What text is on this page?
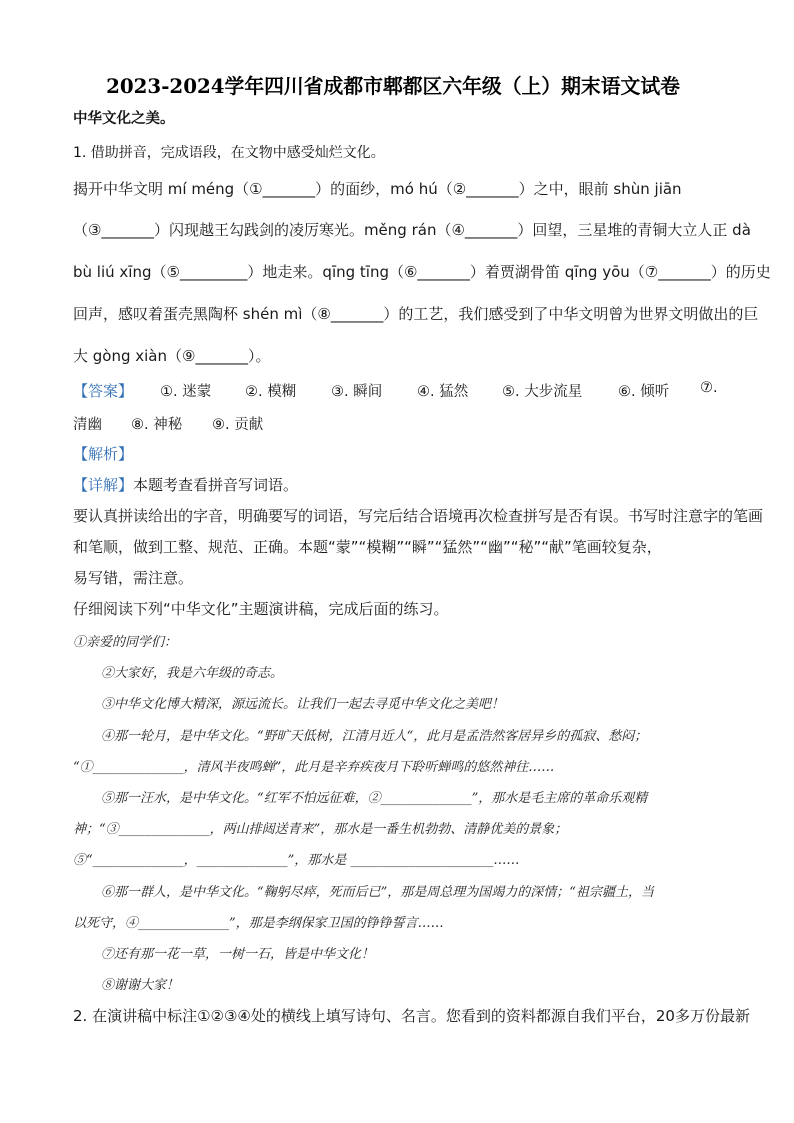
2023-2024学年四川省成都市郫都区六年级（上）期末语文试卷
中华文化之美。
1. 借助拼音，完成语段，在文物中感受灿烂文化。
揭开中华文明 mí méng（①_______）的面纱，mó hú（②_______）之中，眼前 shùn jiān
（③_______）闪现越王勾践剑的凌厉寒光。měng rán（④_______）回望，三星堆的青铜大立人正 dà
bù liú xīng（⑤_________）地走来。qīng tīng（⑥_______）着贾湖骨笛 qīng yōu（⑦_______）的历史
回声，感叹着蛋壳黑陶杯 shén mì（⑧_______）的工艺，我们感受到了中华文明曾为世界文明做出的巨
大 gòng xiàn（⑨_______）。
【答案】 ①. 迷蒙 ②. 模糊 ③. 瞬间 ④. 猛然 ⑤. 大步流星 ⑥. 倾听 ⑦.
清幽 ⑧. 神秘 ⑨. 贡献
【解析】
【详解】本题考查看拼音写词语。
要认真拼读给出的字音，明确要写的词语，写完后结合语境再次检查拼写是否有误。书写时注意字的笔画
和笔顺，做到工整、规范、正确。本题“蒙”“模糊”“瞬”“猛然”“幽”“秘”“献”笔画较复杂，
易写错，需注意。
仔细阅读下列“中华文化”主题演讲稿，完成后面的练习。
①亲爱的同学们：
②大家好，我是六年级的奇志。
③中华文化博大精深，源远流长。让我们一起去寻觅中华文化之美吧！
④那一轮月，是中华文化。“野旷天低树，江清月近人“，此月是孟浩然客居异乡的孤寂、愁闷；
“①______________，清风半夜鸣蝉”，此月是辛弃疾夜月下聆听蝉鸣的悠然神往……
⑤那一汪水，是中华文化。“红军不怕远征难，②______________”，那水是毛主席的革命乐观精
神；“③______________，两山排闼送青来”，那水是一番生机勃勃、清静优美的景象；
⑤“______________，______________”，那水是 ______________________……
⑥那一群人，是中华文化。“鞠躬尽瘁，死而后已”，那是周总理为国竭力的深情；“祖宗疆土，当
以死守，④______________”，那是李纲保家卫国的铮铮誓言……
⑦还有那一花一草，一树一石，皆是中华文化！
⑧谢谢大家！
2. 在演讲稿中标注①②③④处的横线上填写诗句、名言。您看到的资料都源自我们平台，20多万份最新
